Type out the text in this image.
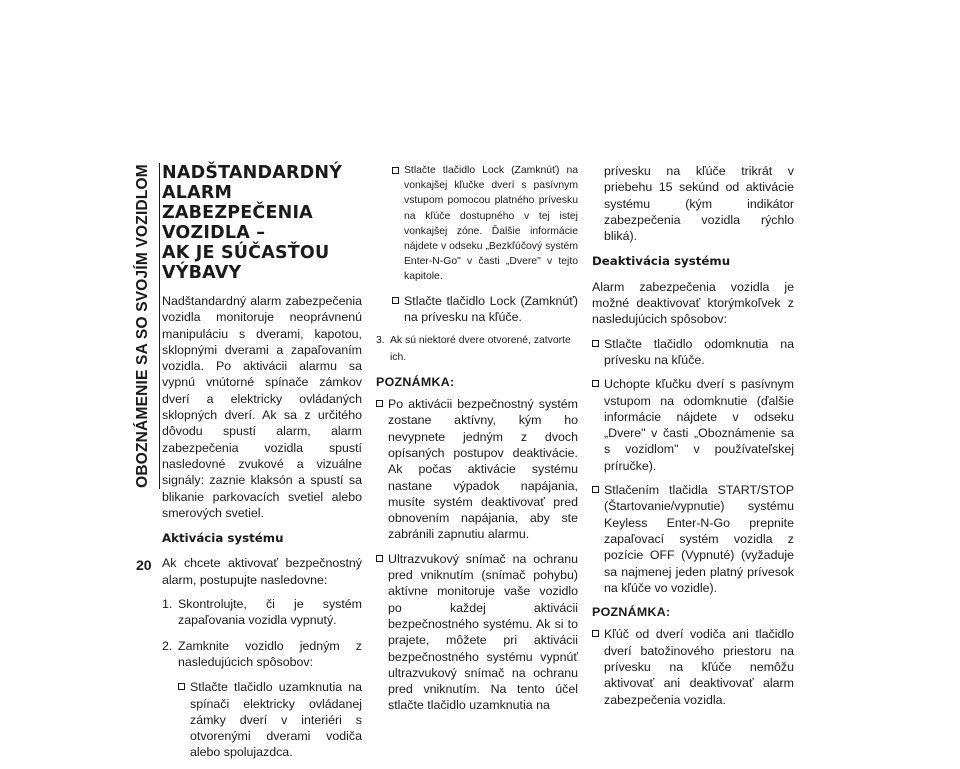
OBOZNÁMENIE SA SO SVOJÍM VOZIDLOM
20
NADŠTANDARDNÝ ALARM
ZABEZPEČENIA VOZIDLA –
AK JE SÚČASŤOU VÝBAVY

Nadštandardný alarm zabezpečenia vozidla monitoruje neoprávnenú manipuláciu s dverami, kapotou, sklopnými dverami a zapaľovaním vozidla. Po aktivácii alarmu sa vypnú vnútorné spínače zámkov dverí a elektricky ovládaných sklopných dverí. Ak sa z určitého dôvodu spustí alarm, alarm zabezpečenia vozidla spustí nasledovné zvukové a vizuálne signály: zaznie klaksón a spustí sa blikanie parkovacích svetiel alebo smerových svetiel.

Aktivácia systému

Ak chcete aktivovať bezpečnostný alarm, postupujte nasledovne:

1. Skontrolujte, či je systém zapaľovania vozidla vypnutý.
2. Zamknite vozidlo jedným z nasledujúcich spôsobov:
Stlačte tlačidlo uzamknutia na spínači elektricky ovládanej zámky dverí v interiéri s otvorenými dverami vodiča alebo spolujazdca.
Stlačte tlačidlo Lock (Zamknúť) na vonkajšej kľučke dverí s pasívnym vstupom pomocou platného prívesku na kľúče dostupného v tej istej vonkajšej zóne. Ďalšie informácie nájdete v odseku „Bezkľúčový systém Enter-N-Go" v časti „Dvere" v tejto kapitole.
Stlačte tlačidlo Lock (Zamknúť) na prívesku na kľúče.
3. Ak sú niektoré dvere otvorené, zatvorte ich.
POZNÁMKA:
Po aktivácii bezpečnostný systém zostane aktívny, kým ho nevypnete jedným z dvoch opísaných postupov deaktivácie. Ak počas aktivácie systému nastane výpadok napájania, musíte systém deaktivovať pred obnovením napájania, aby ste zabránili zapnutiu alarmu.
Ultrazvukový snímač na ochranu pred vniknutím (snímač pohybu) aktívne monitoruje vaše vozidlo po každej aktivácii bezpečnostného systému. Ak si to prajete, môžete pri aktivácii bezpečnostného systému vypnúť ultrazvukový snímač na ochranu pred vniknutím. Na tento účel stlačte tlačidlo uzamknutia na

prívesku na kľúče trikrát v priebehu 15 sekúnd od aktivácie systému (kým indikátor zabezpečenia vozidla rýchlo bliká).

Deaktivácia systému

Alarm zabezpečenia vozidla je možné deaktivovať ktorýmkoľvek z nasledujúcich spôsobov:

Stlačte tlačidlo odomknutia na prívesku na kľúče.
Uchopte kľučku dverí s pasívnym vstupom na odomknutie (ďalšie informácie nájdete v odseku „Dvere" v časti „Oboznámenie sa s vozidlom" v používateľskej príručke).
Stlačením tlačidla START/STOP (Štartovanie/vypnutie) systému Keyless Enter-N-Go prepnite zapaľovací systém vozidla z pozície OFF (Vypnuté) (vyžaduje sa najmenej jeden platný prívesok na kľúče vo vozidle).
POZNÁMKA:
Kľúč od dverí vodiča ani tlačidlo dverí batožinového priestoru na prívesku na kľúče nemôžu aktivovať ani deaktivovať alarm zabezpečenia vozidla.
